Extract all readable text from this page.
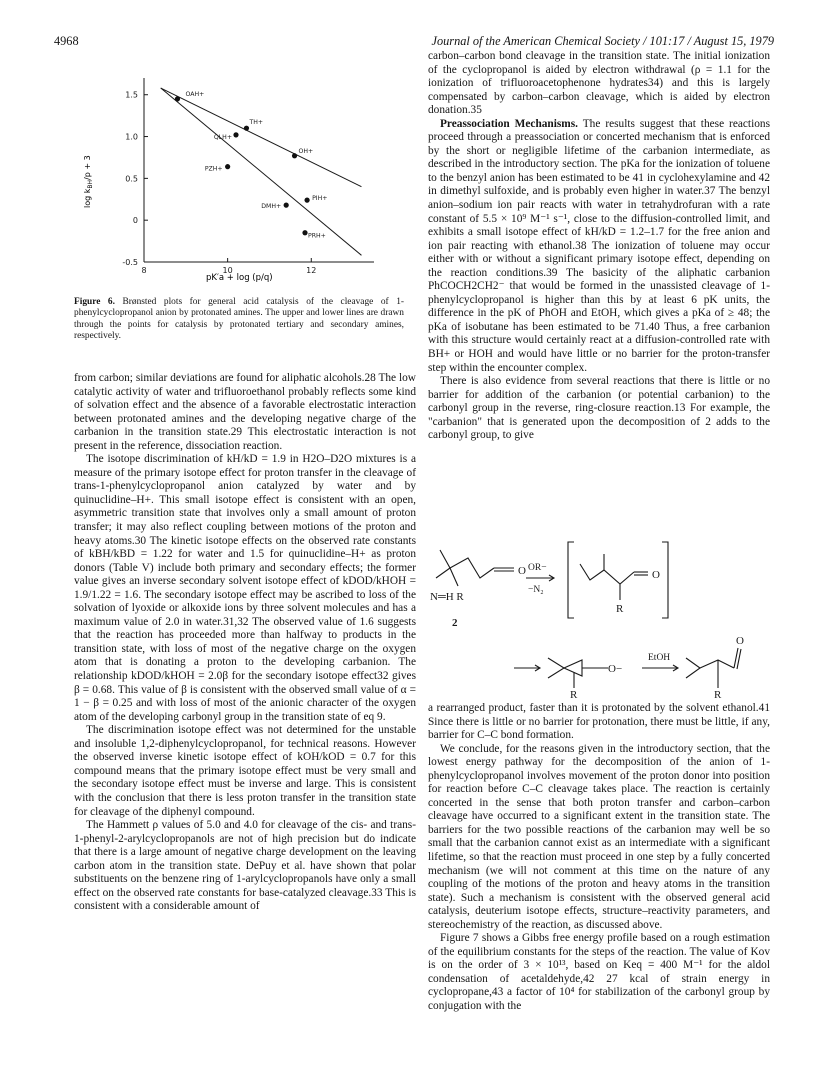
4968	Journal of the American Chemical Society / 101:17 / August 15, 1979
1.5
1.0
0.5
0
-0.5
8	10	12
OAH+
QLH+
TH+
OH+
PZH+
DMH+
PIH+
PRH+
$\log k_{BH}/p + 3$
pK′a + log (p/q)
Figure 6. Brønsted plots for general acid catalysis of the cleavage of 1-phenylcyclopropanol anion by protonated amines. The upper and lower lines are drawn through the points for catalysis by protonated tertiary and secondary amines, respectively.

from carbon; similar deviations are found for aliphatic alcohols.28 The low catalytic activity of water and trifluoroethanol probably reflects some kind of solvation effect and the absence of a favorable electrostatic interaction between protonated amines and the developing negative charge of the carbanion in the transition state.29 This electrostatic interaction is not present in the reference, dissociation reaction.

The isotope discrimination of kH/kD = 1.9 in H2O–D2O mixtures is a measure of the primary isotope effect for proton transfer in the cleavage of trans-1-phenylcyclopropanol anion catalyzed by water and by quinuclidine–H+. This small isotope effect is consistent with an open, asymmetric transition state that involves only a small amount of proton transfer; it may also reflect coupling between motions of the proton and heavy atoms.30 The kinetic isotope effects on the observed rate constants of kBH/kBD = 1.22 for water and 1.5 for quinuclidine–H+ as proton donors (Table V) include both primary and secondary effects; the former value gives an inverse secondary solvent isotope effect of kDOD/kHOH = 1.9/1.22 = 1.6. The secondary isotope effect may be ascribed to loss of the solvation of lyoxide or alkoxide ions by three solvent molecules and has a maximum value of 2.0 in water.31,32 The observed value of 1.6 suggests that the reaction has proceeded more than halfway to products in the transition state, with loss of most of the negative charge on the oxygen atom that is donating a proton to the developing carbanion. The relationship kDOD/kHOH = 2.0β for the secondary isotope effect32 gives β = 0.68. This value of β is consistent with the observed small value of α = 1 − β = 0.25 and with loss of most of the anionic character of the oxygen atom of the developing carbonyl group in the transition state of eq 9.

The discrimination isotope effect was not determined for the unstable and insoluble 1,2-diphenylcyclopropanol, for technical reasons. However the observed inverse kinetic isotope effect of kOH/kOD = 0.7 for this compound means that the primary isotope effect must be very small and the secondary isotope effect must be inverse and large. This is consistent with the conclusion that there is less proton transfer in the transition state for cleavage of the diphenyl compound.

The Hammett ρ values of 5.0 and 4.0 for cleavage of the cis- and trans-1-phenyl-2-arylcyclopropanols are not of high precision but do indicate that there is a large amount of negative charge development on the leaving carbon atom in the transition state. DePuy et al. have shown that polar substituents on the benzene ring of 1-arylcyclopropanols have only a small effect on the observed rate constants for base-catalyzed cleavage.33 This is consistent with a considerable amount of

carbon–carbon bond cleavage in the transition state. The initial ionization of the cyclopropanol is aided by electron withdrawal (ρ = 1.1 for the ionization of trifluoroacetophenone hydrates34) and this is largely compensated by carbon–carbon cleavage, which is aided by electron donation.35

Preassociation Mechanisms. The results suggest that these reactions proceed through a preassociation or concerted mechanism that is enforced by the short or negligible lifetime of the carbanion intermediate, as described in the introductory section. The pKa for the ionization of toluene to the benzyl anion has been estimated to be 41 in cyclohexylamine and 42 in dimethyl sulfoxide, and is probably even higher in water.37 The benzyl anion–sodium ion pair reacts with water in tetrahydrofuran with a rate constant of 5.5 × 10⁹ M⁻¹ s⁻¹, close to the diffusion-controlled limit, and exhibits a small isotope effect of kH/kD = 1.2–1.7 for the free anion and ion pair reacting with ethanol.38 The ionization of toluene may occur either with or without a significant primary isotope effect, depending on the reaction conditions.39 The basicity of the aliphatic carbanion PhCOCH2CH2⁻ that would be formed in the unassisted cleavage of 1-phenylcyclopropanol is higher than this by at least 6 pK units, the difference in the pK of PhOH and EtOH, which gives a pKa of ≥ 48; the pKa of isobutane has been estimated to be 71.40 Thus, a free carbanion with this structure would certainly react at a diffusion-controlled rate with BH+ or HOH and would have little or no barrier for the proton-transfer step within the encounter complex.

There is also evidence from several reactions that there is little or no barrier for addition of the carbanion (or potential carbanion) to the carbonyl group in the reverse, ring-closure reaction.13 For example, the "carbanion" that is generated upon the decomposition of 2 adds to the carbonyl group, to give

O OR−
−N₂
N═H R
2
O
R
O−
R
EtOH
O
R

a rearranged product, faster than it is protonated by the solvent ethanol.41 Since there is little or no barrier for protonation, there must be little, if any, barrier for C–C bond formation.

We conclude, for the reasons given in the introductory section, that the lowest energy pathway for the decomposition of the anion of 1-phenylcyclopropanol involves movement of the proton donor into position for reaction before C–C cleavage takes place. The reaction is certainly concerted in the sense that both proton transfer and carbon–carbon cleavage have occurred to a significant extent in the transition state. The barriers for the two possible reactions of the carbanion may well be so small that the carbanion cannot exist as an intermediate with a significant lifetime, so that the reaction must proceed in one step by a fully concerted mechanism (we will not comment at this time on the nature of any coupling of the motions of the proton and heavy atoms in the transition state). Such a mechanism is consistent with the observed general acid catalysis, deuterium isotope effects, structure–reactivity parameters, and stereochemistry of the reaction, as discussed above.

Figure 7 shows a Gibbs free energy profile based on a rough estimation of the equilibrium constants for the steps of the reaction. The value of Kov is on the order of 3 × 10¹³, based on Keq = 400 M⁻¹ for the aldol condensation of acetaldehyde,42 27 kcal of strain energy in cyclopropane,43 a factor of 10⁴ for stabilization of the carbonyl group by conjugation with the
